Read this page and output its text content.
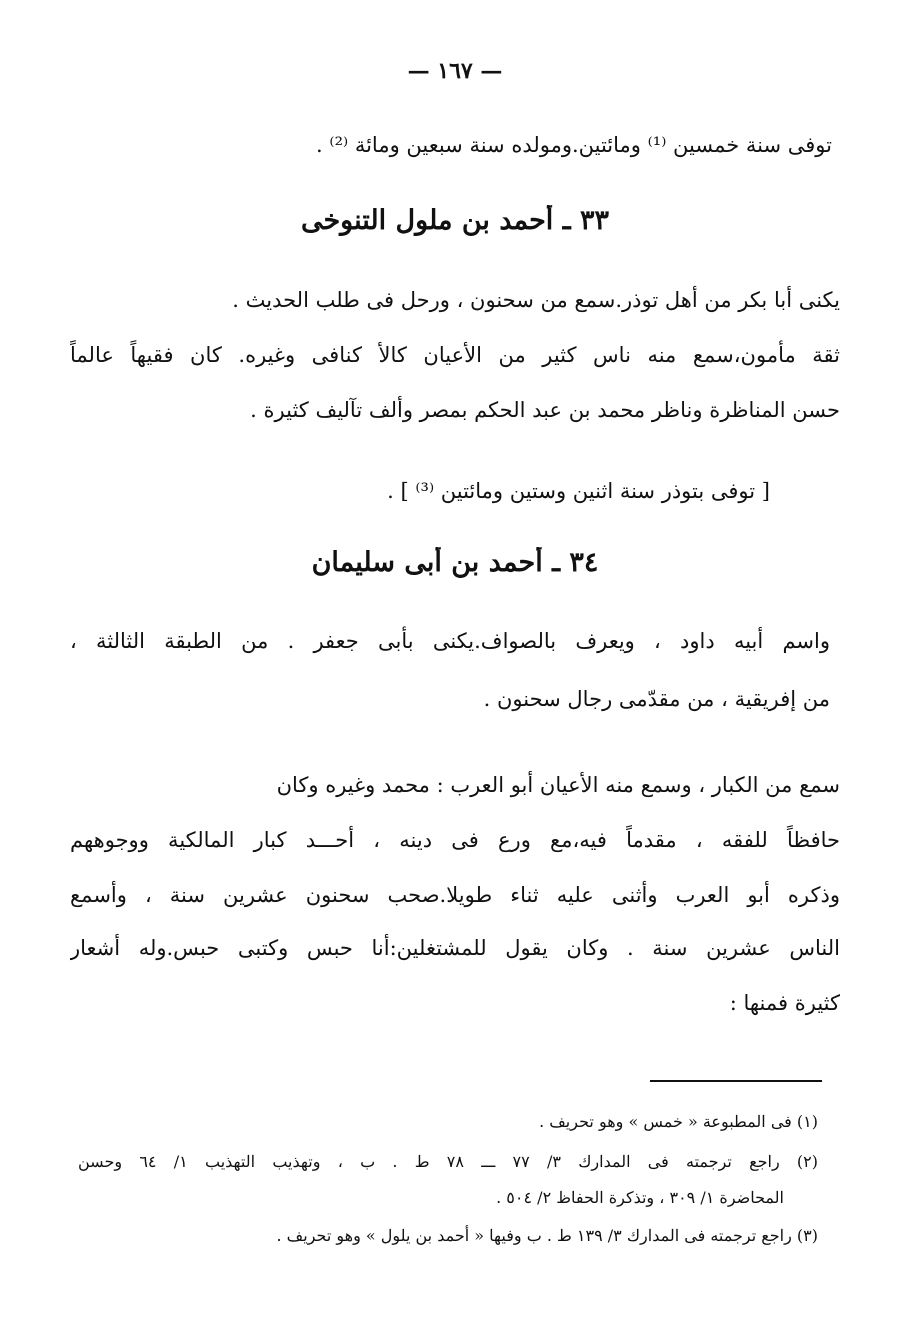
— ١٦٧ —
توفى سنة خمسين ⁽¹⁾ ومائتين.ومولده سنة سبعين ومائة ⁽²⁾ .
٣٣ ـ أحمد بن ملول التنوخى
يكنى أبا بكر من أهل توذر.سمع من سحنون ، ورحل فى طلب الحديث .
ثقة مأمون،سمع منه ناس كثير من الأعيان كالأ كنافى وغيره. كان فقيهاً عالماً
حسن المناظرة وناظر محمد بن عبد الحكم بمصر وألف تآليف كثيرة .
[ توفى بتوذر سنة اثنين وستين ومائتين ⁽³⁾ ] .
٣٤ ـ أحمد بن أبى سليمان
واسم أبيه داود ، ويعرف بالصواف.يكنى بأبى جعفر . من الطبقة الثالثة ،
من إفريقية ، من مقدّمى رجال سحنون .
سمع من الكبار ، وسمع منه الأعيان أبو العرب : محمد وغيره وكان
حافظاً للفقه ، مقدماً فيه،مع ورع فى دينه ، أحـــد كبار المالكية ووجوههم
وذكره أبو العرب وأثنى عليه ثناء طويلا.صحب سحنون عشرين سنة ، وأسمع
الناس عشرين سنة . وكان يقول للمشتغلين:أنا حبس وكتبى حبس.وله أشعار
كثيرة فمنها :
(١) فى المطبوعة « خمس » وهو تحريف .
(٢) راجع ترجمته فى المدارك ٣/ ٧٧ ـــ ٧٨ ط . ب ، وتهذيب التهذيب ١/ ٦٤ وحسن
المحاضرة ١/ ٣٠٩ ، وتذكرة الحفاظ ٢/ ٥٠٤ .
(٣) راجع ترجمته فى المدارك ٣/ ١٣٩ ط . ب وفيها « أحمد بن يلول » وهو تحريف .
